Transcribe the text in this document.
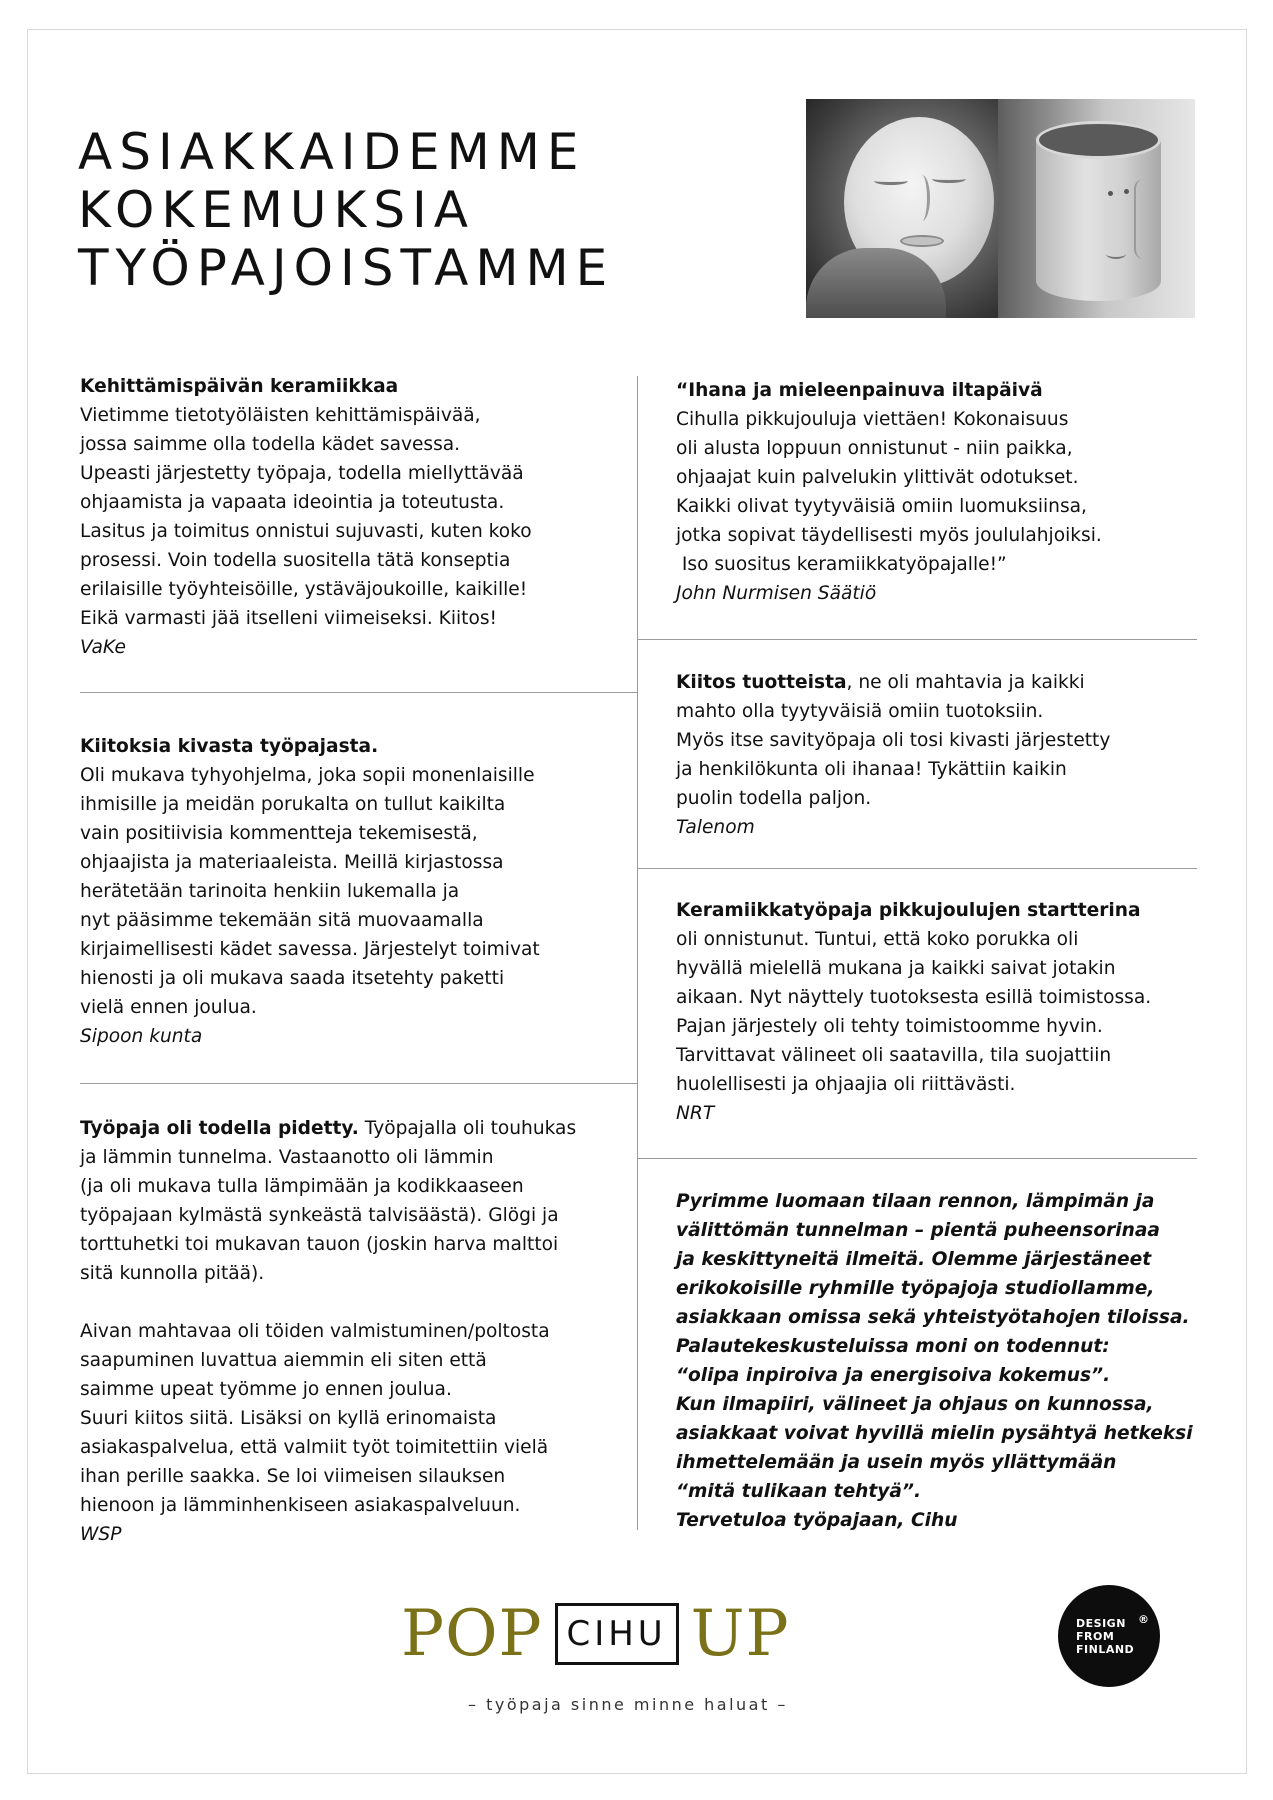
ASIAKKAIDEMME
KOKEMUKSIA
TYÖPAJOISTAMME

Kehittämispäivän keramiikkaa

Vietimme tietotyöläisten kehittämispäivää,

jossa saimme olla todella kädet savessa.

Upeasti järjestetty työpaja, todella miellyttävää

ohjaamista ja vapaata ideointia ja toteutusta.

Lasitus ja toimitus onnistui sujuvasti, kuten koko

prosessi. Voin todella suositella tätä konseptia

erilaisille työyhteisöille, ystäväjoukoille, kaikille!

Eikä varmasti jää itselleni viimeiseksi. Kiitos!

VaKe

Kiitoksia kivasta työpajasta.

Oli mukava tyhyohjelma, joka sopii monenlaisille

ihmisille ja meidän porukalta on tullut kaikilta

vain positiivisia kommentteja tekemisestä,

ohjaajista ja materiaaleista. Meillä kirjastossa

herätetään tarinoita henkiin lukemalla ja

nyt pääsimme tekemään sitä muovaamalla

kirjaimellisesti kädet savessa. Järjestelyt toimivat

hienosti ja oli mukava saada itsetehty paketti

vielä ennen joulua.

Sipoon kunta

Työpaja oli todella pidetty. Työpajalla oli touhukas

ja lämmin tunnelma. Vastaanotto oli lämmin

(ja oli mukava tulla lämpimään ja kodikkaaseen

työpajaan kylmästä synkeästä talvisäästä). Glögi ja

torttuhetki toi mukavan tauon (joskin harva malttoi

sitä kunnolla pitää).

Aivan mahtavaa oli töiden valmistuminen/poltosta

saapuminen luvattua aiemmin eli siten että

saimme upeat työmme jo ennen joulua.

Suuri kiitos siitä. Lisäksi on kyllä erinomaista

asiakaspalvelua, että valmiit työt toimitettiin vielä

ihan perille saakka. Se loi viimeisen silauksen

hienoon ja lämminhenkiseen asiakaspalveluun.

WSP

“Ihana ja mieleenpainuva iltapäivä

Cihulla pikkujouluja viettäen! Kokonaisuus

oli alusta loppuun onnistunut - niin paikka,

ohjaajat kuin palvelukin ylittivät odotukset.

Kaikki olivat tyytyväisiä omiin luomuksiinsa,

jotka sopivat täydellisesti myös joululahjoiksi.

Iso suositus keramiikkatyöpajalle!”

John Nurmisen Säätiö

Kiitos tuotteista, ne oli mahtavia ja kaikki

mahto olla tyytyväisiä omiin tuotoksiin.

Myös itse savityöpaja oli tosi kivasti järjestetty

ja henkilökunta oli ihanaa! Tykättiin kaikin

puolin todella paljon.

Talenom

Keramiikkatyöpaja pikkujoulujen startterina

oli onnistunut. Tuntui, että koko porukka oli

hyvällä mielellä mukana ja kaikki saivat jotakin

aikaan. Nyt näyttely tuotoksesta esillä toimistossa.

Pajan järjestely oli tehty toimistoomme hyvin.

Tarvittavat välineet oli saatavilla, tila suojattiin

huolellisesti ja ohjaajia oli riittävästi.

NRT

Pyrimme luomaan tilaan rennon, lämpimän ja

välittömän tunnelman – pientä puheensorinaa

ja keskittyneitä ilmeitä. Olemme järjestäneet

erikokoisille ryhmille työpajoja studiollamme,

asiakkaan omissa sekä yhteistyötahojen tiloissa.

Palautekeskusteluissa moni on todennut:

“olipa inpiroiva ja energisoiva kokemus”.

Kun ilmapiiri, välineet ja ohjaus on kunnossa,

asiakkaat voivat hyvillä mielin pysähtyä hetkeksi

ihmettelemään ja usein myös yllättymään

“mitä tulikaan tehtyä”.

Tervetuloa työpajaan, Cihu

POP CIHU UP
– työpaja sinne minne haluat –
DESIGN
FROM
FINLAND
®
